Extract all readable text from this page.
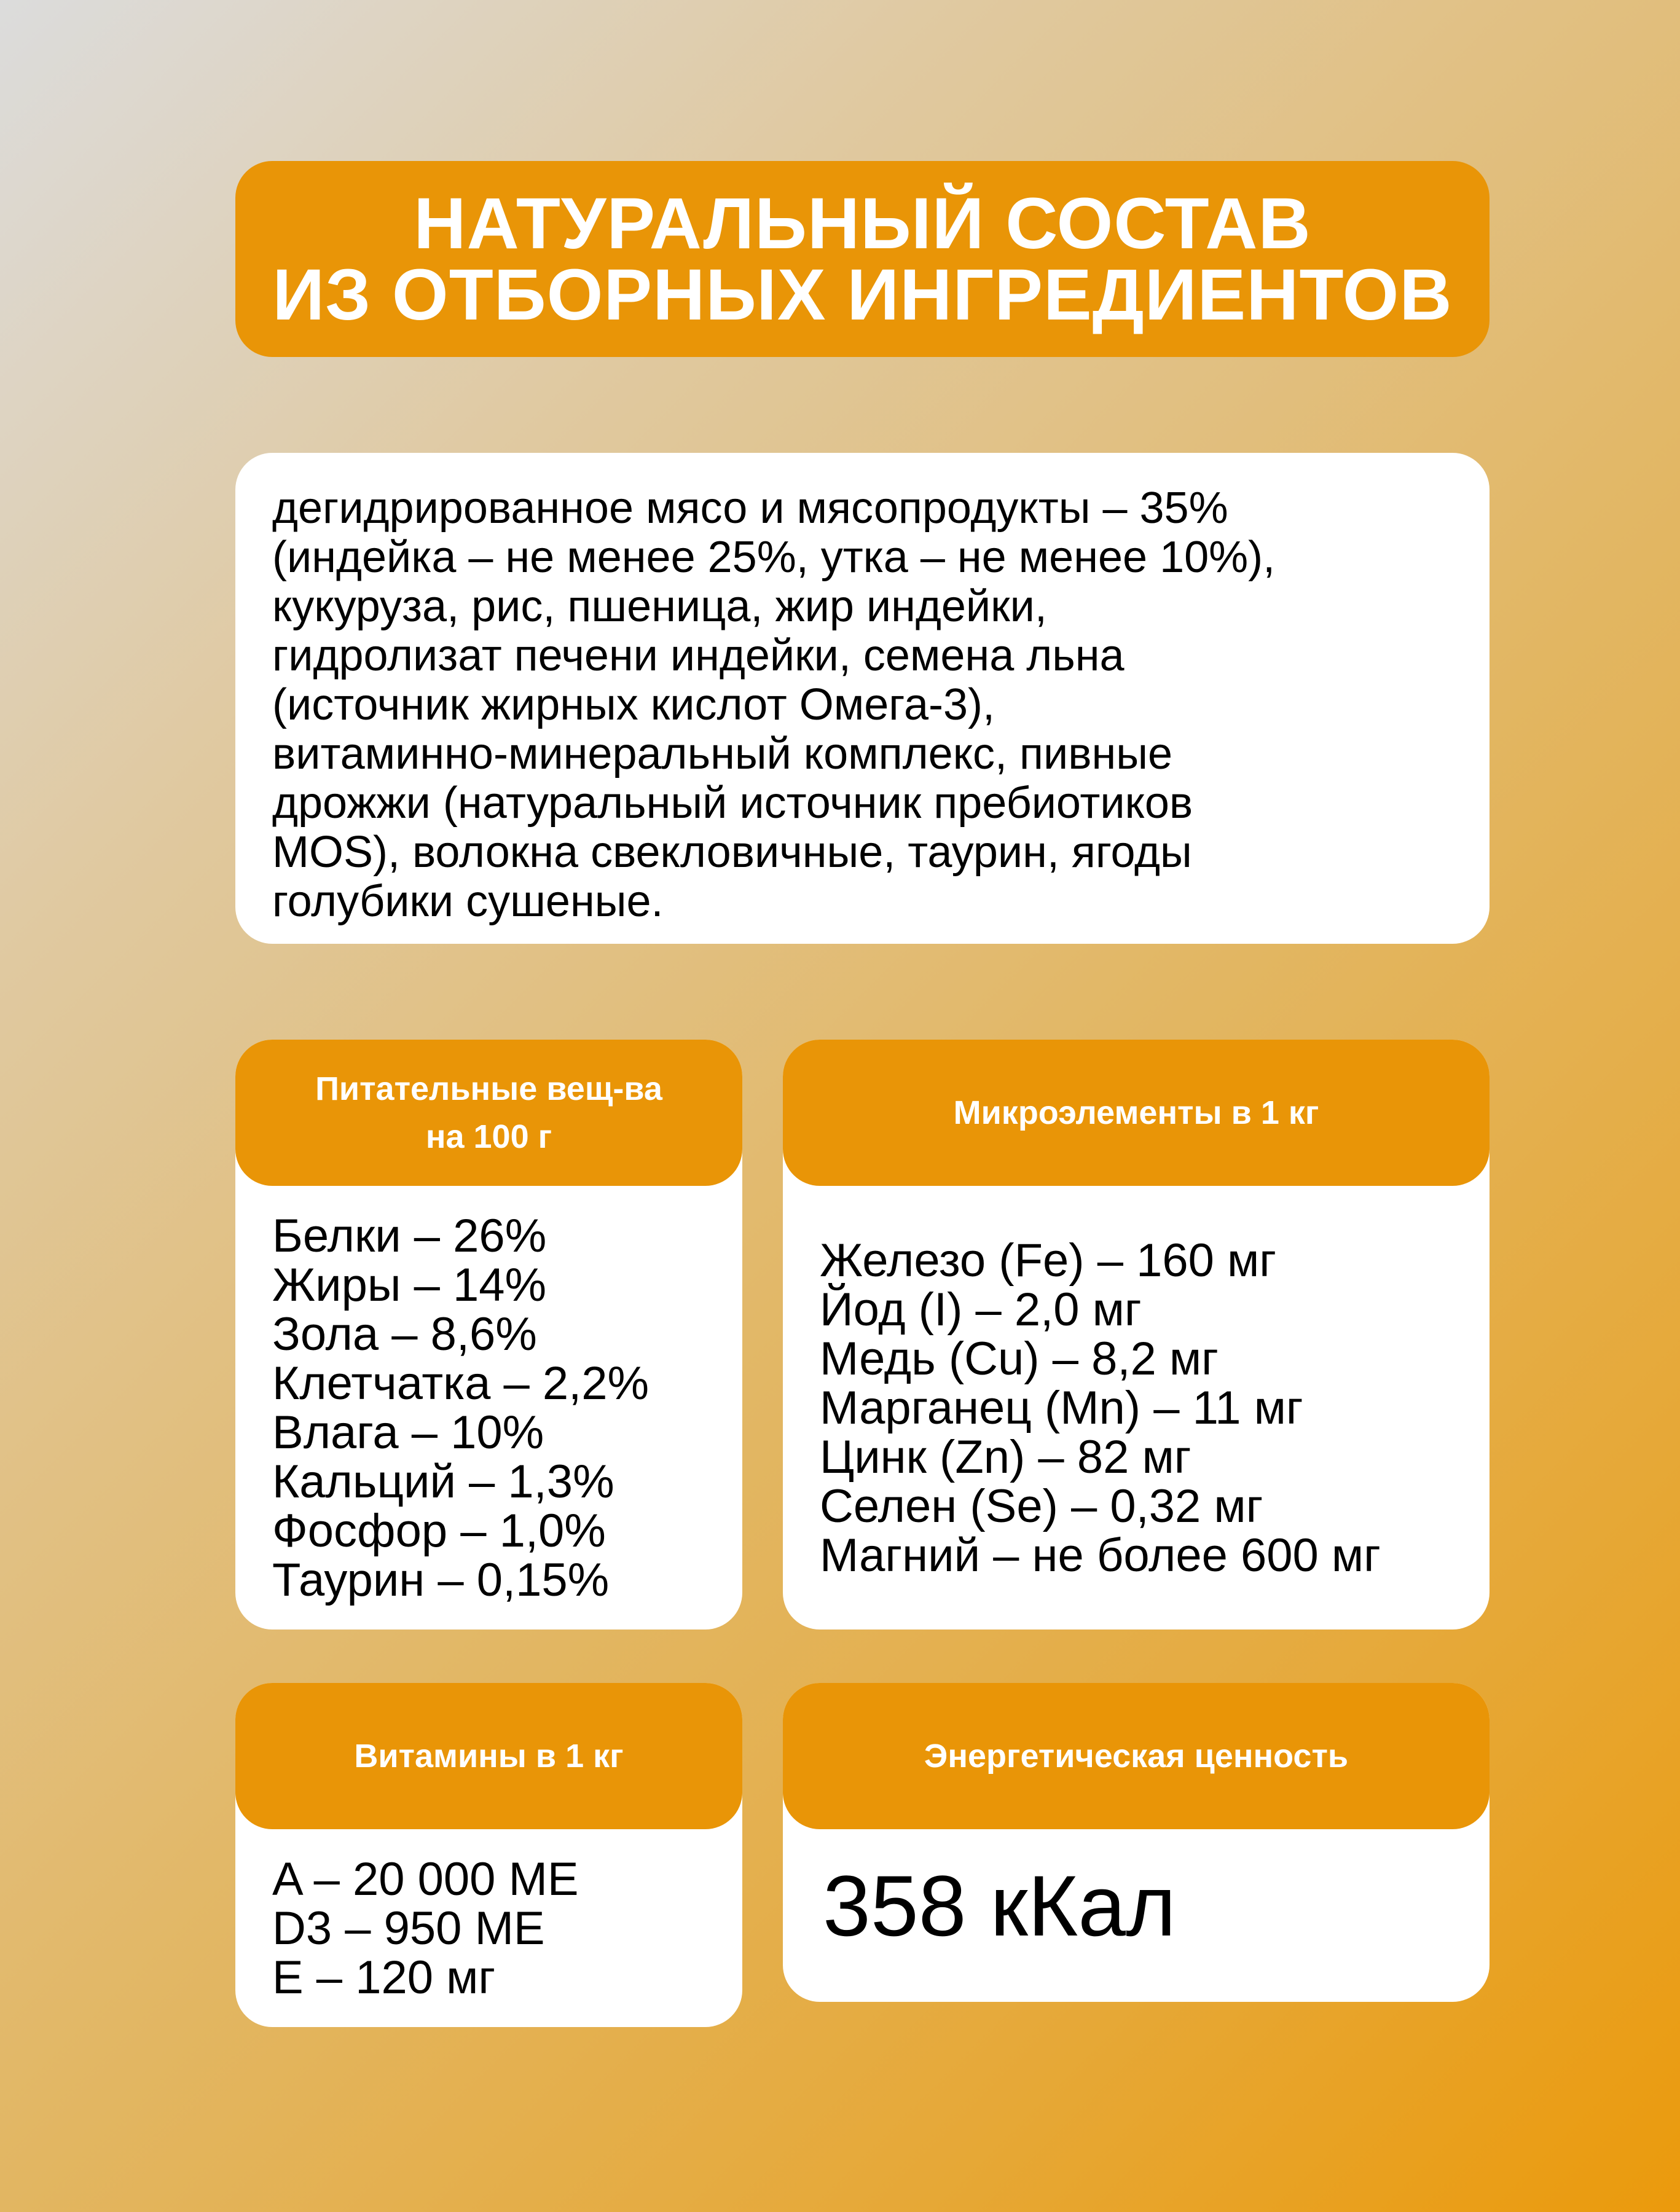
НАТУРАЛЬНЫЙ СОСТАВ
ИЗ ОТБОРНЫХ ИНГРЕДИЕНТОВ
дегидрированное мясо и мясопродукты – 35%
(индейка – не менее 25%, утка – не менее 10%),
кукуруза, рис, пшеница, жир индейки,
гидролизат печени индейки, семена льна
(источник жирных кислот Омега-3),
витаминно-минеральный комплекс, пивные
дрожжи (натуральный источник пребиотиков
MOS), волокна свекловичные, таурин, ягоды
голубики сушеные.
Питательные вещ-ва
на 100 г
Белки – 26%
Жиры – 14%
Зола – 8,6%
Клетчатка – 2,2%
Влага – 10%
Кальций – 1,3%
Фосфор – 1,0%
Таурин – 0,15%
Микроэлементы в 1 кг
Железо (Fe) – 160 мг
Йод (I) – 2,0 мг
Медь (Cu) – 8,2 мг
Марганец (Mn) – 11 мг
Цинк (Zn) – 82 мг
Селен (Se) – 0,32 мг
Магний – не более 600 мг
Витамины в 1 кг
A – 20 000 МЕ
D3 – 950 МЕ
E – 120 мг
Энергетическая ценность
358 кКал
